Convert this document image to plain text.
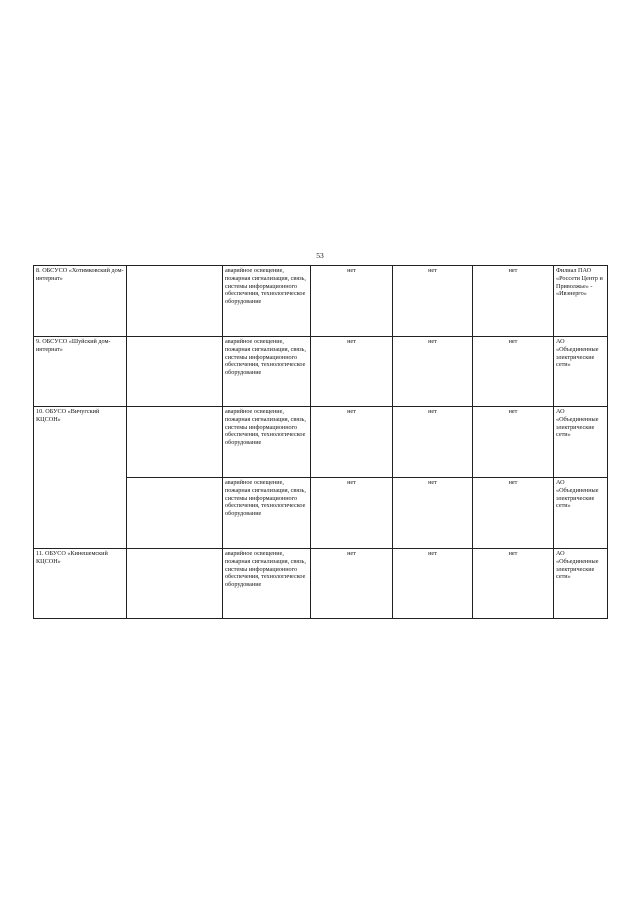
53
8. ОБСУСО «Хотимковский дом-интернат»		аварийное освещение, пожарная сигнализация, связь, системы информационного обеспечения, технологическое оборудование	нет	нет	нет	Филиал ПАО «Россети Центр и Приволжье» - «Ивэнерго»
9. ОБСУСО «Шуйский дом-интернат»		аварийное освещение, пожарная сигнализация, связь, системы информационного обеспечения, технологическое оборудование	нет	нет	нет	АО «Объединенные электрические сети»
10. ОБУСО «Вичугский КЦСОН»		аварийное освещение, пожарная сигнализация, связь, системы информационного обеспечения, технологическое оборудование	нет	нет	нет	АО «Объединенные электрические сети»
		аварийное освещение, пожарная сигнализация, связь, системы информационного обеспечения, технологическое оборудование	нет	нет	нет	АО «Объединенные электрические сети»
11. ОБУСО «Кинешемский КЦСОН»		аварийное освещение, пожарная сигнализация, связь, системы информационного обеспечения, технологическое оборудование	нет	нет	нет	АО «Объединенные электрические сети»
